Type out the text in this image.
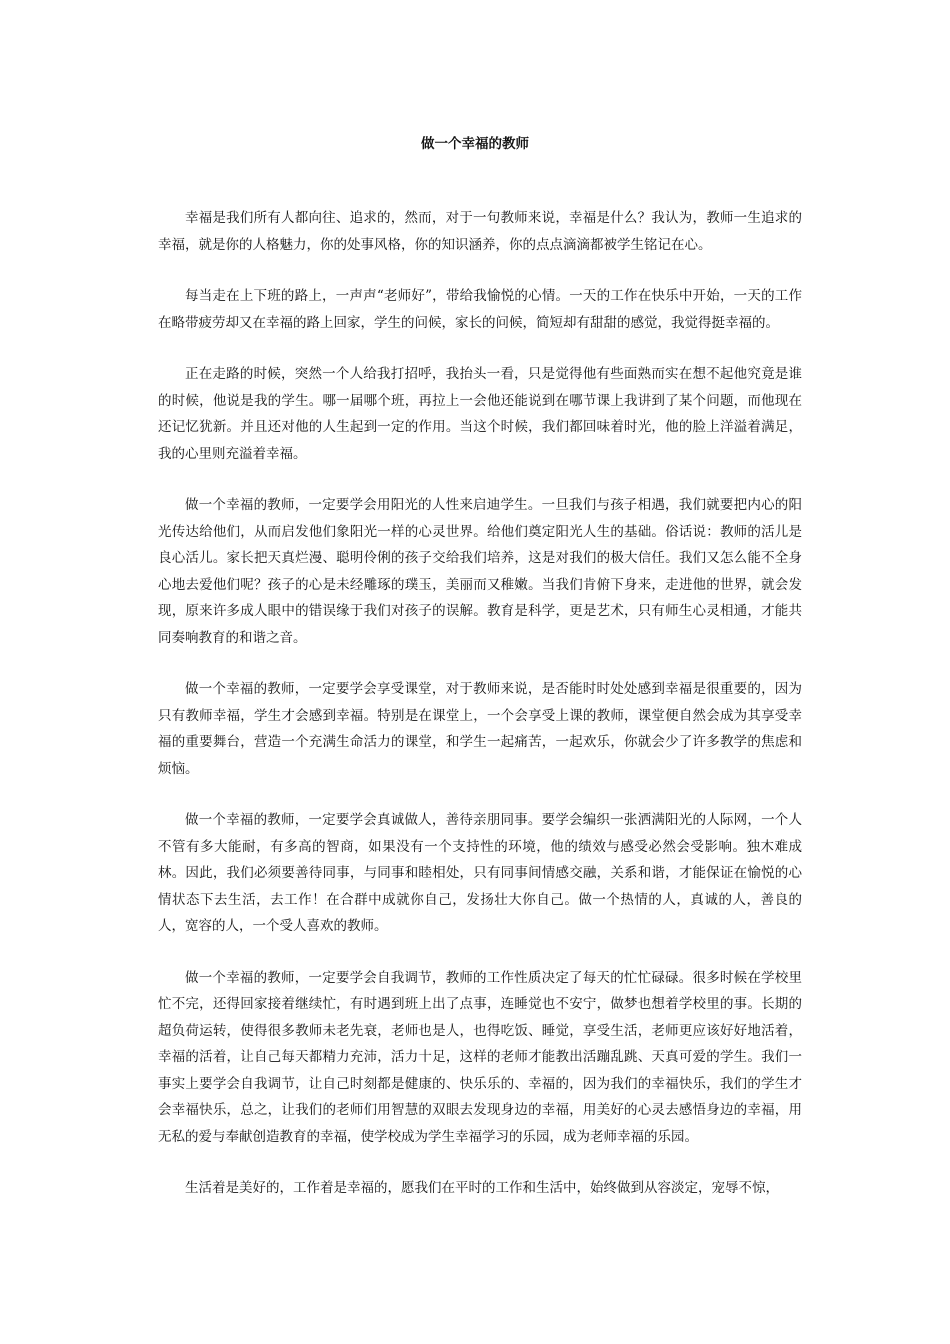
做一个幸福的教师

幸福是我们所有人都向往、追求的，然而，对于一句教师来说，幸福是什么？我认为，教师一生追求的幸福，就是你的人格魅力，你的处事风格，你的知识涵养，你的点点滴滴都被学生铭记在心。

每当走在上下班的路上，一声声“老师好”，带给我愉悦的心情。一天的工作在快乐中开始，一天的工作在略带疲劳却又在幸福的路上回家，学生的问候，家长的问候，简短却有甜甜的感觉，我觉得挺幸福的。

正在走路的时候，突然一个人给我打招呼，我抬头一看，只是觉得他有些面熟而实在想不起他究竟是谁的时候，他说是我的学生。哪一届哪个班，再拉上一会他还能说到在哪节课上我讲到了某个问题，而他现在还记忆犹新。并且还对他的人生起到一定的作用。当这个时候，我们都回味着时光，他的脸上洋溢着满足，我的心里则充溢着幸福。

做一个幸福的教师，一定要学会用阳光的人性来启迪学生。一旦我们与孩子相遇，我们就要把内心的阳光传达给他们，从而启发他们象阳光一样的心灵世界。给他们奠定阳光人生的基础。俗话说：教师的活儿是良心活儿。家长把天真烂漫、聪明伶俐的孩子交给我们培养，这是对我们的极大信任。我们又怎么能不全身心地去爱他们呢？孩子的心是未经雕琢的璞玉，美丽而又稚嫩。当我们肯俯下身来，走进他的世界，就会发现，原来许多成人眼中的错误缘于我们对孩子的误解。教育是科学，更是艺术，只有师生心灵相通，才能共同奏响教育的和谐之音。

做一个幸福的教师，一定要学会享受课堂，对于教师来说，是否能时时处处感到幸福是很重要的，因为只有教师幸福，学生才会感到幸福。特别是在课堂上，一个会享受上课的教师，课堂便自然会成为其享受幸福的重要舞台，营造一个充满生命活力的课堂，和学生一起痛苦，一起欢乐，你就会少了许多教学的焦虑和烦恼。

做一个幸福的教师，一定要学会真诚做人，善待亲朋同事。要学会编织一张洒满阳光的人际网，一个人不管有多大能耐，有多高的智商，如果没有一个支持性的环境，他的绩效与感受必然会受影响。独木难成林。因此，我们必须要善待同事，与同事和睦相处，只有同事间情感交融，关系和谐，才能保证在愉悦的心情状态下去生活，去工作！在合群中成就你自己，发扬壮大你自己。做一个热情的人，真诚的人，善良的人，宽容的人，一个受人喜欢的教师。

做一个幸福的教师，一定要学会自我调节，教师的工作性质决定了每天的忙忙碌碌。很多时候在学校里忙不完，还得回家接着继续忙，有时遇到班上出了点事，连睡觉也不安宁，做梦也想着学校里的事。长期的超负荷运转，使得很多教师未老先衰，老师也是人，也得吃饭、睡觉，享受生活，老师更应该好好地活着，幸福的活着，让自己每天都精力充沛，活力十足，这样的老师才能教出活蹦乱跳、天真可爱的学生。我们一事实上要学会自我调节，让自己时刻都是健康的、快乐乐的、幸福的，因为我们的幸福快乐，我们的学生才会幸福快乐，总之，让我们的老师们用智慧的双眼去发现身边的幸福，用美好的心灵去感悟身边的幸福，用无私的爱与奉献创造教育的幸福，使学校成为学生幸福学习的乐园，成为老师幸福的乐园。

生活着是美好的，工作着是幸福的，愿我们在平时的工作和生活中，始终做到从容淡定，宠辱不惊，
